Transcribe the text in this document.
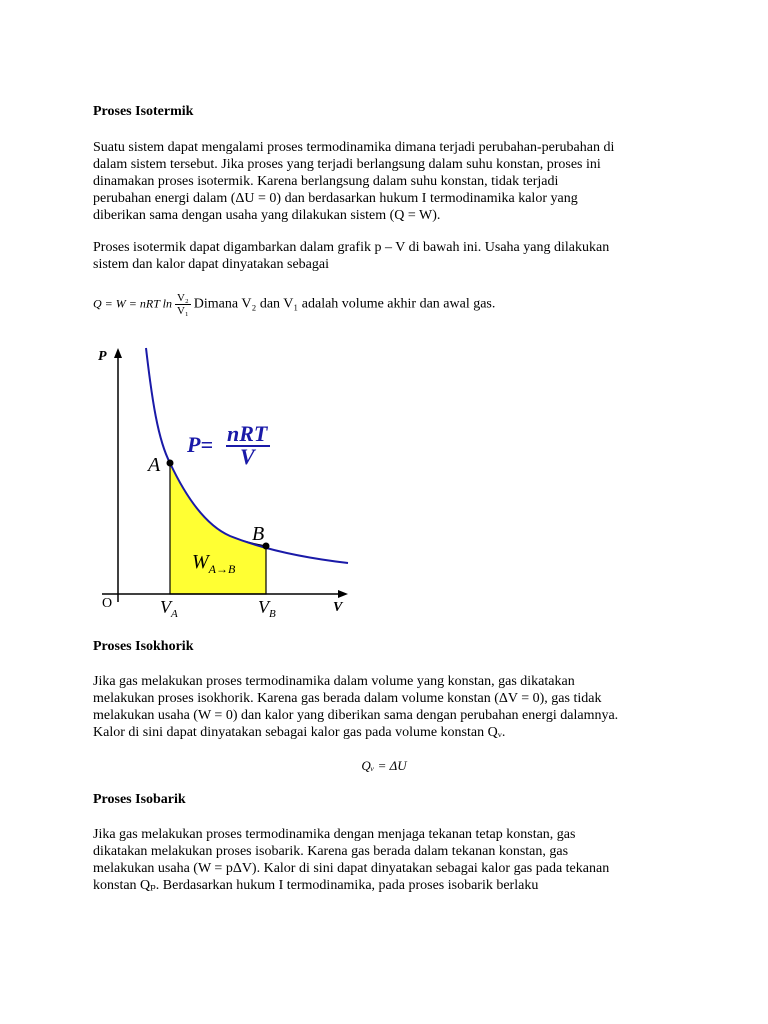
Proses Isotermik
Suatu sistem dapat mengalami proses termodinamika dimana terjadi perubahan-perubahan di
dalam sistem tersebut. Jika proses yang terjadi berlangsung dalam suhu konstan, proses ini
dinamakan proses isotermik. Karena berlangsung dalam suhu konstan, tidak terjadi
perubahan energi dalam (ΔU = 0) dan berdasarkan hukum I termodinamika kalor yang
diberikan sama dengan usaha yang dilakukan sistem (Q = W).
Proses isotermik dapat digambarkan dalam grafik p – V di bawah ini. Usaha yang dilakukan
sistem dan kalor dapat dinyatakan sebagai
Q = W = nRT $\ln \frac{\text{V₂}}{\text{V₁}}$ Dimana V₂ dan V₁ adalah volume akhir dan awal gas.
P
V
O
A
B
$V_A$	$V_B$
$W_{A\to B}$
P= nRT
V
Proses Isokhorik
Jika gas melakukan proses termodinamika dalam volume yang konstan, gas dikatakan
melakukan proses isokhorik. Karena gas berada dalam volume konstan (ΔV = 0), gas tidak
melakukan usaha (W = 0) dan kalor yang diberikan sama dengan perubahan energi dalamnya.
Kalor di sini dapat dinyatakan sebagai kalor gas pada volume konstan Qᵥ.
Qᵥ = ΔU
Proses Isobarik
Jika gas melakukan proses termodinamika dengan menjaga tekanan tetap konstan, gas
dikatakan melakukan proses isobarik. Karena gas berada dalam tekanan konstan, gas
melakukan usaha (W = pΔV). Kalor di sini dapat dinyatakan sebagai kalor gas pada tekanan
konstan Qₚ. Berdasarkan hukum I termodinamika, pada proses isobarik berlaku
